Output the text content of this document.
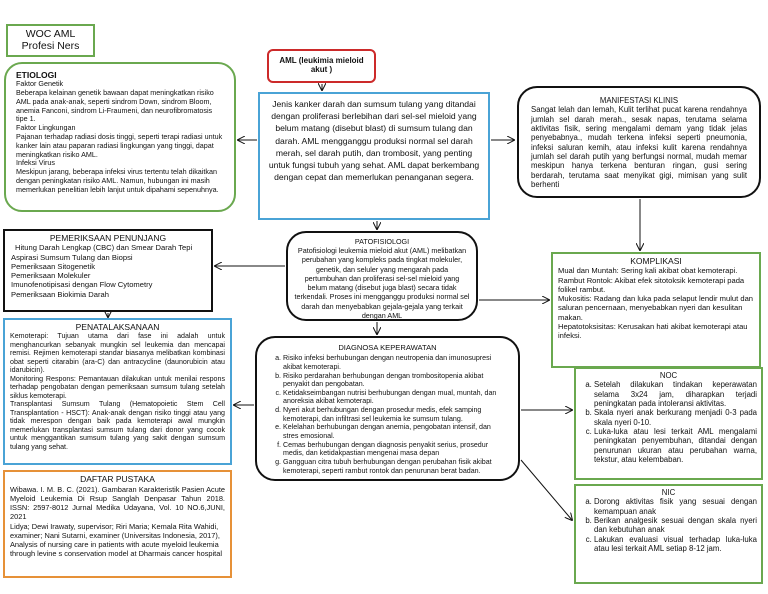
WOC AML
Profesi Ners
ETIOLOGI

Faktor Genetik

Beberapa kelainan genetik bawaan dapat meningkatkan risiko AML pada anak-anak, seperti sindrom Down, sindrom Bloom, anemia Fanconi, sindrom Li-Fraumeni, dan neurofibromatosis tipe 1.

Faktor Lingkungan

Pajanan terhadap radiasi dosis tinggi, seperti terapi radiasi untuk kanker lain atau paparan radiasi lingkungan yang tinggi, dapat meningkatkan risiko AML.

Infeksi Virus

Meskipun jarang, beberapa infeksi virus tertentu telah dikaitkan dengan peningkatan risiko AML. Namun, hubungan ini masih memerlukan penelitian lebih lanjut untuk dipahami sepenuhnya.

AML (leukimia mieloid akut )
Jenis kanker darah dan sumsum tulang yang ditandai dengan proliferasi berlebihan dari sel-sel mieloid yang belum matang (disebut blast) di sumsum tulang dan darah. AML mengganggu produksi normal sel darah merah, sel darah putih, dan trombosit, yang penting untuk fungsi tubuh yang sehat. AML dapat berkembang dengan cepat dan memerlukan penanganan segera.
MANIFESTASI KLINIS
Sangat lelah dan lemah, Kulit terlihat pucat karena rendahnya jumlah sel darah merah., sesak napas, terutama selama aktivitas fisik, sering mengalami demam yang tidak jelas penyebabnya., mudah terkena infeksi seperti pneumonia, infeksi saluran kemih, atau infeksi kulit karena rendahnya jumlah sel darah putih yang berfungsi normal, mudah memar meskipun hanya terkena benturan ringan, gusi sering berdarah, terutama saat menyikat gigi, mimisan yang sulit berhenti
PEMERIKSAAN PENUNJANG
Hitung Darah Lengkap (CBC) dan Smear Darah Tepi
Aspirasi Sumsum Tulang dan Biopsi
Pemeriksaan Sitogenetik
Pemeriksaan Molekuler
Imunofenotipisasi dengan Flow Cytometry
Pemeriksaan Biokimia Darah
PATOFISIOLOGI
Patofisiologi leukemia mieloid akut (AML) melibatkan perubahan yang kompleks pada tingkat molekuler, genetik, dan seluler yang mengarah pada pertumbuhan dan proliferasi sel-sel mieloid yang belum matang (disebut juga blast) secara tidak terkendali. Proses ini mengganggu produksi normal sel darah dan menyebabkan gejala-gejala yang terkait dengan AML
KOMPLIKASI

Mual dan Muntah: Sering kali akibat obat kemoterapi.

Rambut Rontok: Akibat efek sitotoksik kemoterapi pada folikel rambut.

Mukositis: Radang dan luka pada selaput lendir mulut dan saluran pencernaan, menyebabkan nyeri dan kesulitan makan.

Hepatotoksisitas: Kerusakan hati akibat kemoterapi atau infeksi.

PENATALAKSANAAN
Kemoterapi: Tujuan utama dari fase ini adalah untuk menghancurkan sebanyak mungkin sel leukemia dan mencapai remisi. Rejimen kemoterapi standar biasanya melibatkan kombinasi obat seperti citarabin (ara-C) dan antracycline (daunorubicin atau idarubicin).
Monitoring Respons: Pemantauan dilakukan untuk menilai respons terhadap pengobatan dengan pemeriksaan sumsum tulang setelah siklus kemoterapi.
Transplantasi Sumsum Tulang (Hematopoietic Stem Cell Transplantation - HSCT): Anak-anak dengan risiko tinggi atau yang tidak merespon dengan baik pada kemoterapi awal mungkin memerlukan transplantasi sumsum tulang dari donor yang cocok untuk menggantikan sumsum tulang yang sakit dengan sumsum tulang yang sehat.
DIAGNOSA KEPERAWATAN
a. Risiko infeksi berhubungan dengan neutropenia dan imunosupresi akibat kemoterapi.
b. Risiko perdarahan berhubungan dengan trombositopenia akibat penyakit dan pengobatan.
c. Ketidakseimbangan nutrisi berhubungan dengan mual, muntah, dan anoreksia akibat kemoterapi.
d. Nyeri akut berhubungan dengan prosedur medis, efek samping kemoterapi, dan infiltrasi sel leukemia ke sumsum tulang.
e. Kelelahan berhubungan dengan anemia, pengobatan intensif, dan stres emosional.
f. Cemas berhubungan dengan diagnosis penyakit serius, prosedur medis, dan ketidakpastian mengenai masa depan
g. Gangguan citra tubuh berhubungan dengan perubahan fisik akibat kemoterapi, seperti rambut rontok dan penurunan berat badan.
NOC
a. Setelah dilakukan tindakan keperawatan selama 3x24 jam, diharapkan terjadi peningkatan pada intoleransi aktivitas.
b. Skala nyeri anak berkurang menjadi 0-3 pada skala nyeri 0-10.
c. Luka-luka atau lesi terkait AML mengalami peningkatan penyembuhan, ditandai dengan penurunan ukuran atau perubahan warna, tekstur, atau kelembaban.
NIC
a. Dorong aktivitas fisik yang sesuai dengan kemampuan anak
b. Berikan analgesik sesuai dengan skala nyeri dan kebutuhan anak
c. Lakukan evaluasi visual terhadap luka-luka atau lesi terkait AML setiap 8-12 jam.
DAFTAR PUSTAKA

Wibawa. I. M. B. C. (2021). Gambaran Karakteristik Pasien Acute Myeloid Leukemia Di Rsup Sanglah Denpasar Tahun 2018. ISSN: 2597-8012 Jurnal Medika Udayana, Vol. 10 NO.6,JUNI, 2021

Lidya; Dewi Irawaty, supervisor; Riri Maria; Kemala Rita Wahidi, examiner; Nani Sutarni, examiner (Universitas Indonesia, 2017), Analysis of nursing care in patients with acute myeloid leukemia through levine s conservation model at Dharmais cancer hospital
